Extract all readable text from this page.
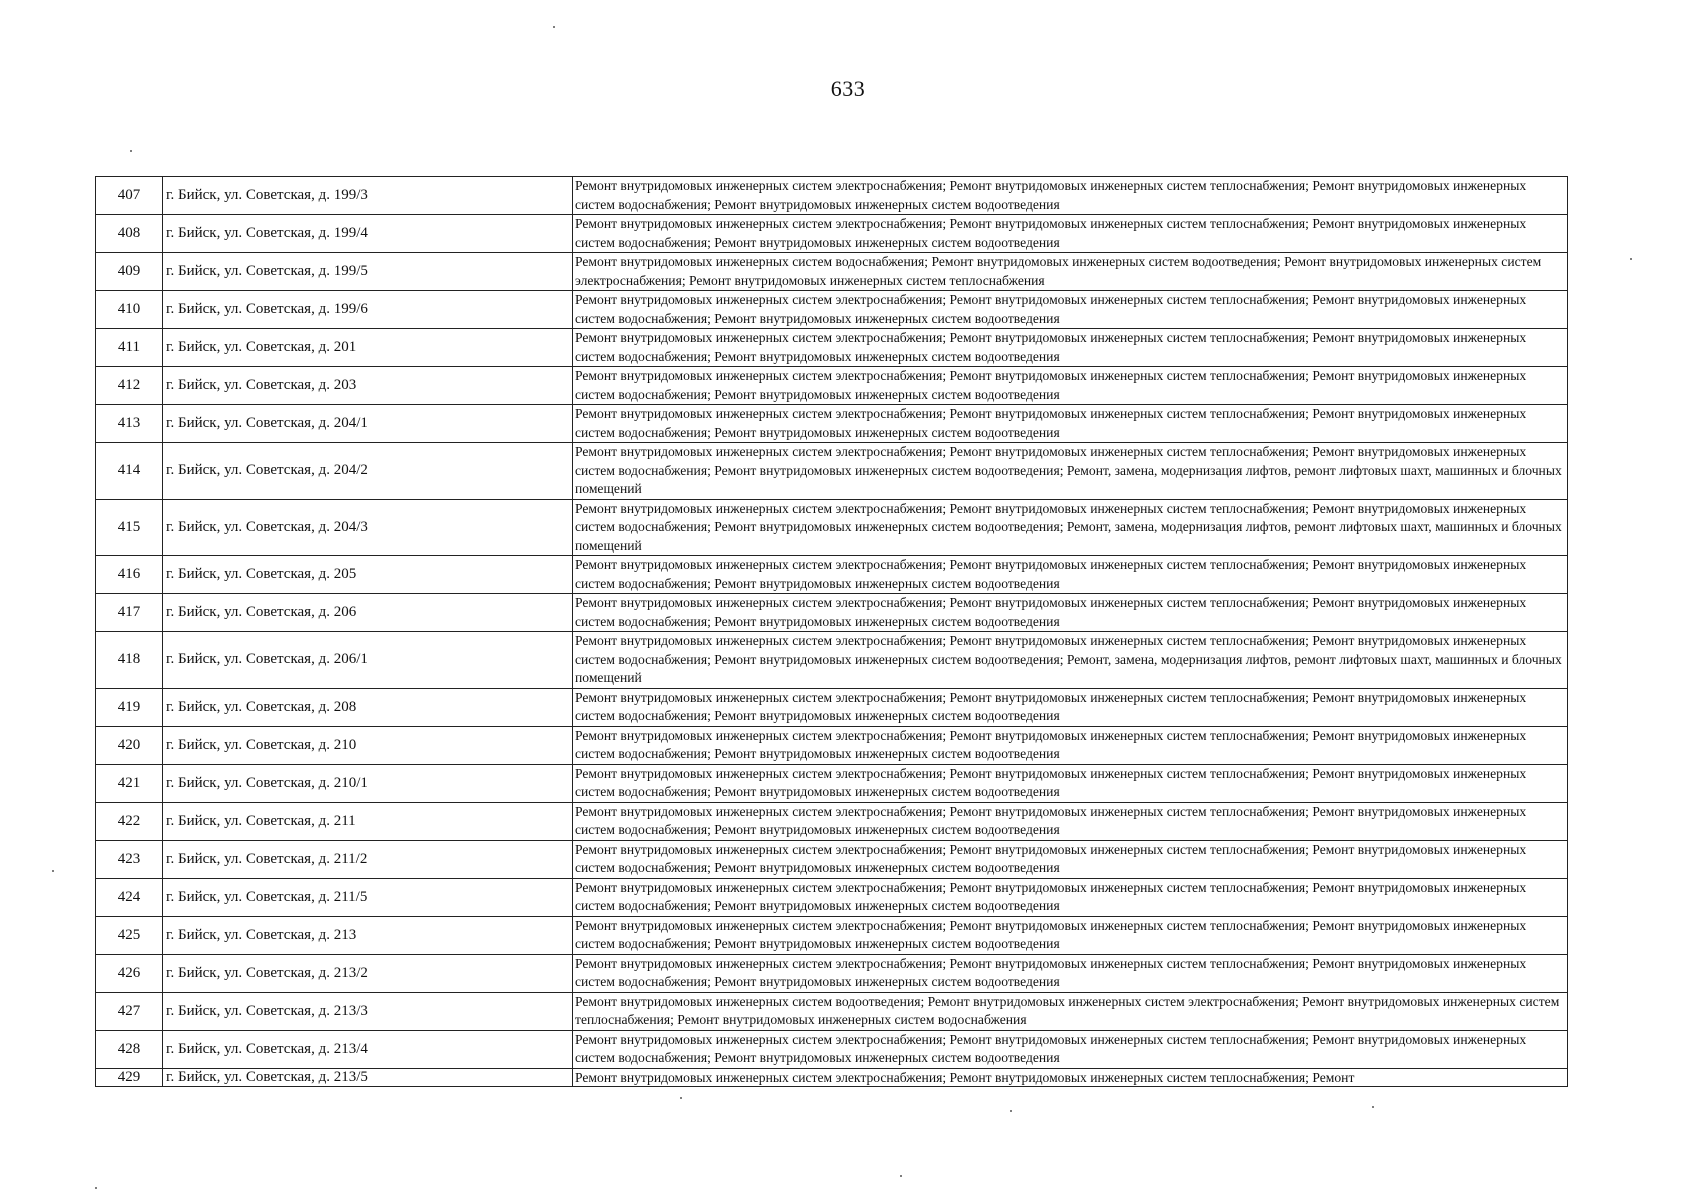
633
407	г. Бийск, ул. Советская, д. 199/3	Ремонт внутридомовых инженерных систем электроснабжения; Ремонт внутридомовых инженерных систем теплоснабжения; Ремонт внутридомовых инженерных систем водоснабжения; Ремонт внутридомовых инженерных систем водоотведения
408	г. Бийск, ул. Советская, д. 199/4	Ремонт внутридомовых инженерных систем электроснабжения; Ремонт внутридомовых инженерных систем теплоснабжения; Ремонт внутридомовых инженерных систем водоснабжения; Ремонт внутридомовых инженерных систем водоотведения
409	г. Бийск, ул. Советская, д. 199/5	Ремонт внутридомовых инженерных систем водоснабжения; Ремонт внутридомовых инженерных систем водоотведения; Ремонт внутридомовых инженерных систем электроснабжения; Ремонт внутридомовых инженерных систем теплоснабжения
410	г. Бийск, ул. Советская, д. 199/6	Ремонт внутридомовых инженерных систем электроснабжения; Ремонт внутридомовых инженерных систем теплоснабжения; Ремонт внутридомовых инженерных систем водоснабжения; Ремонт внутридомовых инженерных систем водоотведения
411	г. Бийск, ул. Советская, д. 201	Ремонт внутридомовых инженерных систем электроснабжения; Ремонт внутридомовых инженерных систем теплоснабжения; Ремонт внутридомовых инженерных систем водоснабжения; Ремонт внутридомовых инженерных систем водоотведения
412	г. Бийск, ул. Советская, д. 203	Ремонт внутридомовых инженерных систем электроснабжения; Ремонт внутридомовых инженерных систем теплоснабжения; Ремонт внутридомовых инженерных систем водоснабжения; Ремонт внутридомовых инженерных систем водоотведения
413	г. Бийск, ул. Советская, д. 204/1	Ремонт внутридомовых инженерных систем электроснабжения; Ремонт внутридомовых инженерных систем теплоснабжения; Ремонт внутридомовых инженерных систем водоснабжения; Ремонт внутридомовых инженерных систем водоотведения
414	г. Бийск, ул. Советская, д. 204/2	Ремонт внутридомовых инженерных систем электроснабжения; Ремонт внутридомовых инженерных систем теплоснабжения; Ремонт внутридомовых инженерных систем водоснабжения; Ремонт внутридомовых инженерных систем водоотведения; Ремонт, замена, модернизация лифтов, ремонт лифтовых шахт, машинных и блочных помещений
415	г. Бийск, ул. Советская, д. 204/3	Ремонт внутридомовых инженерных систем электроснабжения; Ремонт внутридомовых инженерных систем теплоснабжения; Ремонт внутридомовых инженерных систем водоснабжения; Ремонт внутридомовых инженерных систем водоотведения; Ремонт, замена, модернизация лифтов, ремонт лифтовых шахт, машинных и блочных помещений
416	г. Бийск, ул. Советская, д. 205	Ремонт внутридомовых инженерных систем электроснабжения; Ремонт внутридомовых инженерных систем теплоснабжения; Ремонт внутридомовых инженерных систем водоснабжения; Ремонт внутридомовых инженерных систем водоотведения
417	г. Бийск, ул. Советская, д. 206	Ремонт внутридомовых инженерных систем электроснабжения; Ремонт внутридомовых инженерных систем теплоснабжения; Ремонт внутридомовых инженерных систем водоснабжения; Ремонт внутридомовых инженерных систем водоотведения
418	г. Бийск, ул. Советская, д. 206/1	Ремонт внутридомовых инженерных систем электроснабжения; Ремонт внутридомовых инженерных систем теплоснабжения; Ремонт внутридомовых инженерных систем водоснабжения; Ремонт внутридомовых инженерных систем водоотведения; Ремонт, замена, модернизация лифтов, ремонт лифтовых шахт, машинных и блочных помещений
419	г. Бийск, ул. Советская, д. 208	Ремонт внутридомовых инженерных систем электроснабжения; Ремонт внутридомовых инженерных систем теплоснабжения; Ремонт внутридомовых инженерных систем водоснабжения; Ремонт внутридомовых инженерных систем водоотведения
420	г. Бийск, ул. Советская, д. 210	Ремонт внутридомовых инженерных систем электроснабжения; Ремонт внутридомовых инженерных систем теплоснабжения; Ремонт внутридомовых инженерных систем водоснабжения; Ремонт внутридомовых инженерных систем водоотведения
421	г. Бийск, ул. Советская, д. 210/1	Ремонт внутридомовых инженерных систем электроснабжения; Ремонт внутридомовых инженерных систем теплоснабжения; Ремонт внутридомовых инженерных систем водоснабжения; Ремонт внутридомовых инженерных систем водоотведения
422	г. Бийск, ул. Советская, д. 211	Ремонт внутридомовых инженерных систем электроснабжения; Ремонт внутридомовых инженерных систем теплоснабжения; Ремонт внутридомовых инженерных систем водоснабжения; Ремонт внутридомовых инженерных систем водоотведения
423	г. Бийск, ул. Советская, д. 211/2	Ремонт внутридомовых инженерных систем электроснабжения; Ремонт внутридомовых инженерных систем теплоснабжения; Ремонт внутридомовых инженерных систем водоснабжения; Ремонт внутридомовых инженерных систем водоотведения
424	г. Бийск, ул. Советская, д. 211/5	Ремонт внутридомовых инженерных систем электроснабжения; Ремонт внутридомовых инженерных систем теплоснабжения; Ремонт внутридомовых инженерных систем водоснабжения; Ремонт внутридомовых инженерных систем водоотведения
425	г. Бийск, ул. Советская, д. 213	Ремонт внутридомовых инженерных систем электроснабжения; Ремонт внутридомовых инженерных систем теплоснабжения; Ремонт внутридомовых инженерных систем водоснабжения; Ремонт внутридомовых инженерных систем водоотведения
426	г. Бийск, ул. Советская, д. 213/2	Ремонт внутридомовых инженерных систем электроснабжения; Ремонт внутридомовых инженерных систем теплоснабжения; Ремонт внутридомовых инженерных систем водоснабжения; Ремонт внутридомовых инженерных систем водоотведения
427	г. Бийск, ул. Советская, д. 213/3	Ремонт внутридомовых инженерных систем водоотведения; Ремонт внутридомовых инженерных систем электроснабжения; Ремонт внутридомовых инженерных систем теплоснабжения; Ремонт внутридомовых инженерных систем водоснабжения
428	г. Бийск, ул. Советская, д. 213/4	Ремонт внутридомовых инженерных систем электроснабжения; Ремонт внутридомовых инженерных систем теплоснабжения; Ремонт внутридомовых инженерных систем водоснабжения; Ремонт внутридомовых инженерных систем водоотведения
429	г. Бийск, ул. Советская, д. 213/5	Ремонт внутридомовых инженерных систем электроснабжения; Ремонт внутридомовых инженерных систем теплоснабжения; Ремонт
